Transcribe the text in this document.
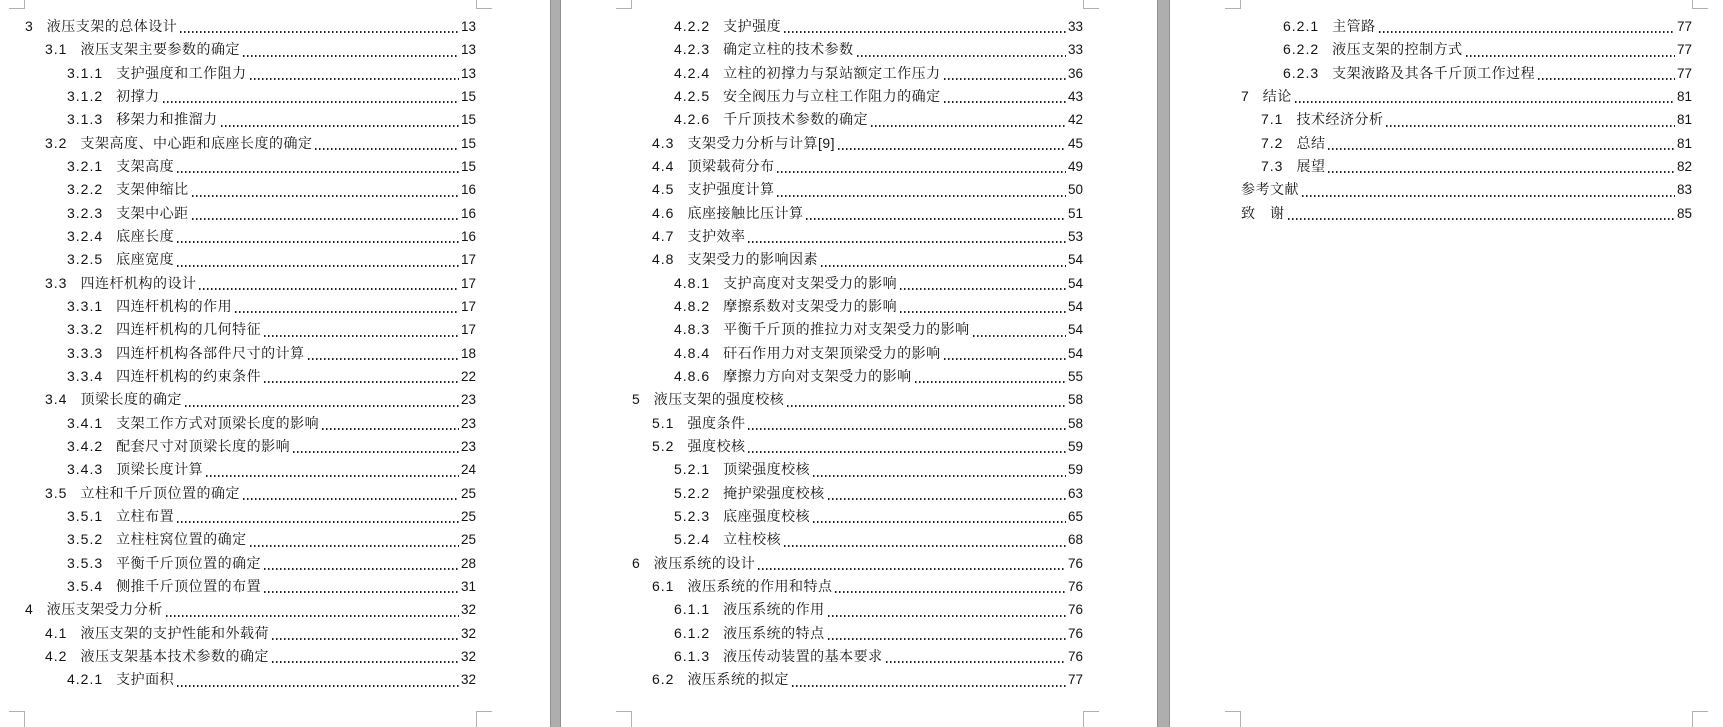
3 液压支架的总体设计	13
3.1 液压支架主要参数的确定	13
3.1.1 支护强度和工作阻力	13
3.1.2 初撑力	15
3.1.3 移架力和推溜力	15
3.2 支架高度、中心距和底座长度的确定	15
3.2.1 支架高度	15
3.2.2 支架伸缩比	16
3.2.3 支架中心距	16
3.2.4 底座长度	16
3.2.5 底座宽度	17
3.3 四连杆机构的设计	17
3.3.1 四连杆机构的作用	17
3.3.2 四连杆机构的几何特征	17
3.3.3 四连杆机构各部件尺寸的计算	18
3.3.4 四连杆机构的约束条件	22
3.4 顶梁长度的确定	23
3.4.1 支架工作方式对顶梁长度的影响	23
3.4.2 配套尺寸对顶梁长度的影响	23
3.4.3 顶梁长度计算	24
3.5 立柱和千斤顶位置的确定	25
3.5.1 立柱布置	25
3.5.2 立柱柱窝位置的确定	25
3.5.3 平衡千斤顶位置的确定	28
3.5.4 侧推千斤顶位置的布置	31
4 液压支架受力分析	32
4.1 液压支架的支护性能和外载荷	32
4.2 液压支架基本技术参数的确定	32
4.2.1 支护面积	32
4.2.2 支护强度	33
4.2.3 确定立柱的技术参数	33
4.2.4 立柱的初撑力与泵站额定工作压力	36
4.2.5 安全阀压力与立柱工作阻力的确定	43
4.2.6 千斤顶技术参数的确定	42
4.3 支架受力分析与计算[9]	45
4.4 顶梁载荷分布	49
4.5 支护强度计算	50
4.6 底座接触比压计算	51
4.7 支护效率	53
4.8 支架受力的影响因素	54
4.8.1 支护高度对支架受力的影响	54
4.8.2 摩擦系数对支架受力的影响	54
4.8.3 平衡千斤顶的推拉力对支架受力的影响	54
4.8.4 矸石作用力对支架顶梁受力的影响	54
4.8.6 摩擦力方向对支架受力的影响	55
5 液压支架的强度校核	58
5.1 强度条件	58
5.2 强度校核	59
5.2.1 顶梁强度校核	59
5.2.2 掩护梁强度校核	63
5.2.3 底座强度校核	65
5.2.4 立柱校核	68
6 液压系统的设计	76
6.1 液压系统的作用和特点	76
6.1.1 液压系统的作用	76
6.1.2 液压系统的特点	76
6.1.3 液压传动装置的基本要求	76
6.2 液压系统的拟定	77
6.2.1 主管路	77
6.2.2 液压支架的控制方式	77
6.2.3 支架液路及其各千斤顶工作过程	77
7 结论	81
7.1 技术经济分析	81
7.2 总结	81
7.3 展望	82
参考文献	83
致　谢	85
